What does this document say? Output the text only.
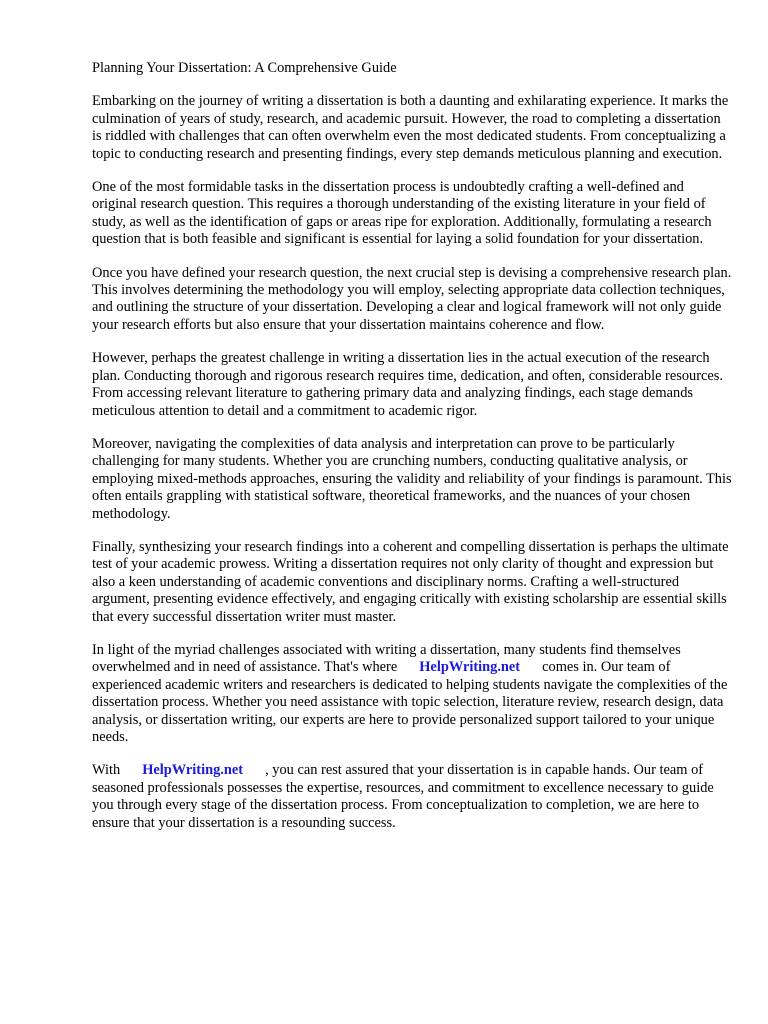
Planning Your Dissertation: A Comprehensive Guide

Embarking on the journey of writing a dissertation is both a daunting and exhilarating experience. It marks the culmination of years of study, research, and academic pursuit. However, the road to completing a dissertation is riddled with challenges that can often overwhelm even the most dedicated students. From conceptualizing a topic to conducting research and presenting findings, every step demands meticulous planning and execution.

One of the most formidable tasks in the dissertation process is undoubtedly crafting a well-defined and original research question. This requires a thorough understanding of the existing literature in your field of study, as well as the identification of gaps or areas ripe for exploration. Additionally, formulating a research question that is both feasible and significant is essential for laying a solid foundation for your dissertation.

Once you have defined your research question, the next crucial step is devising a comprehensive research plan. This involves determining the methodology you will employ, selecting appropriate data collection techniques, and outlining the structure of your dissertation. Developing a clear and logical framework will not only guide your research efforts but also ensure that your dissertation maintains coherence and flow.

However, perhaps the greatest challenge in writing a dissertation lies in the actual execution of the research plan. Conducting thorough and rigorous research requires time, dedication, and often, considerable resources. From accessing relevant literature to gathering primary data and analyzing findings, each stage demands meticulous attention to detail and a commitment to academic rigor.

Moreover, navigating the complexities of data analysis and interpretation can prove to be particularly challenging for many students. Whether you are crunching numbers, conducting qualitative analysis, or employing mixed-methods approaches, ensuring the validity and reliability of your findings is paramount. This often entails grappling with statistical software, theoretical frameworks, and the nuances of your chosen methodology.

Finally, synthesizing your research findings into a coherent and compelling dissertation is perhaps the ultimate test of your academic prowess. Writing a dissertation requires not only clarity of thought and expression but also a keen understanding of academic conventions and disciplinary norms. Crafting a well-structured argument, presenting evidence effectively, and engaging critically with existing scholarship are essential skills that every successful dissertation writer must master.

In light of the myriad challenges associated with writing a dissertation, many students find themselves overwhelmed and in need of assistance. That's where HelpWriting.net comes in. Our team of experienced academic writers and researchers is dedicated to helping students navigate the complexities of the dissertation process. Whether you need assistance with topic selection, literature review, research design, data analysis, or dissertation writing, our experts are here to provide personalized support tailored to your unique needs.

With HelpWriting.net , you can rest assured that your dissertation is in capable hands. Our team of seasoned professionals possesses the expertise, resources, and commitment to excellence necessary to guide you through every stage of the dissertation process. From conceptualization to completion, we are here to ensure that your dissertation is a resounding success.
